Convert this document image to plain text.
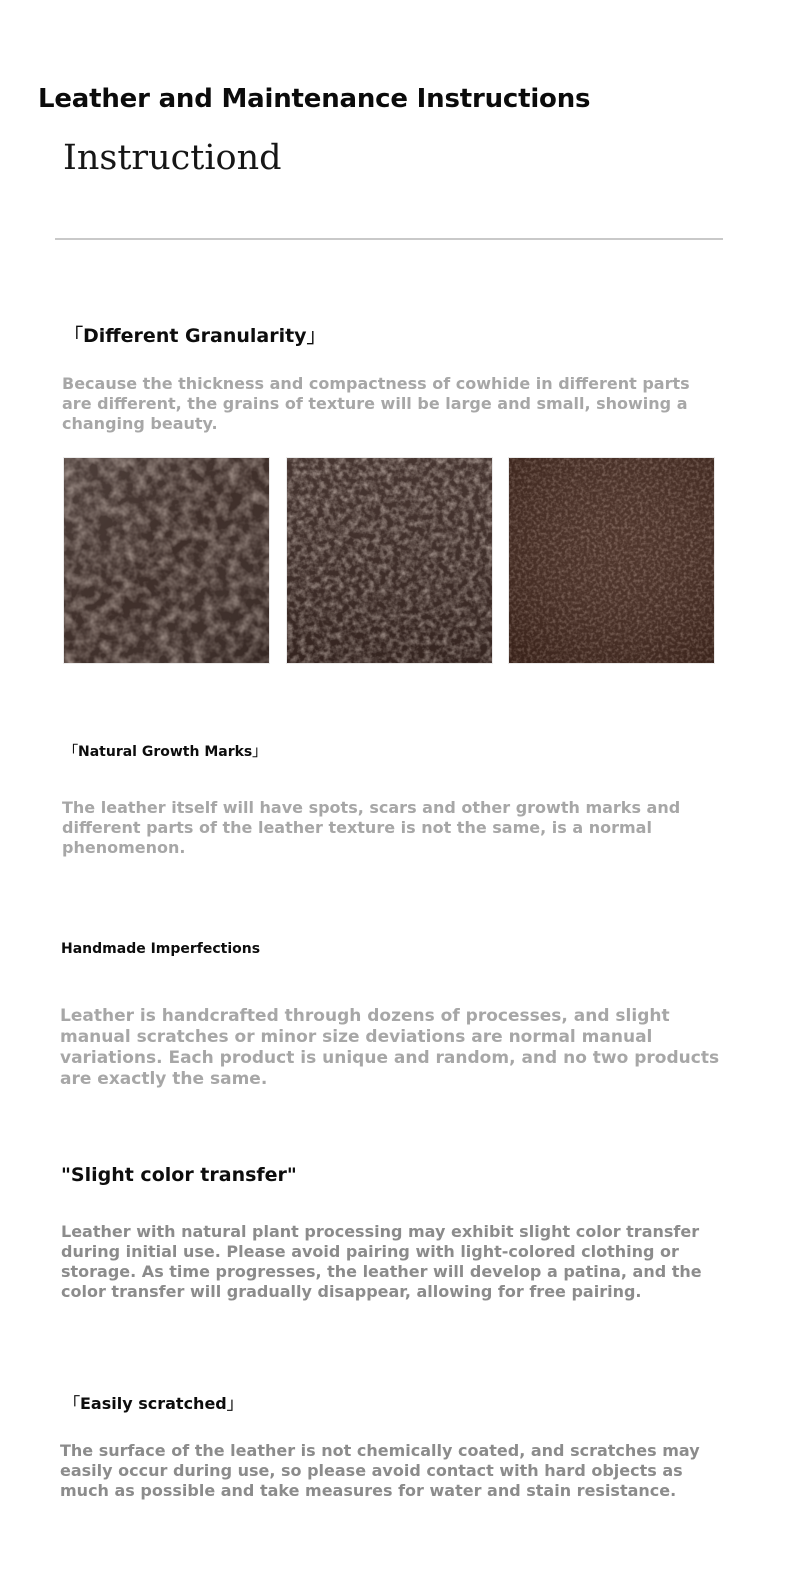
Leather and Maintenance Instructions
Instructiond
「Different Granularity」

Because the thickness and compactness of cowhide in different parts are different, the grains of texture will be large and small, showing a changing beauty.

「Natural Growth Marks」

The leather itself will have spots, scars and other growth marks and different parts of the leather texture is not the same, is a normal phenomenon.

Handmade Imperfections

Leather is handcrafted through dozens of processes, and slight manual scratches or minor size deviations are normal manual variations. Each product is unique and random, and no two products are exactly the same.

"Slight color transfer"

Leather with natural plant processing may exhibit slight color transfer during initial use. Please avoid pairing with light-colored clothing or storage. As time progresses, the leather will develop a patina, and the color transfer will gradually disappear, allowing for free pairing.

「Easily scratched」

The surface of the leather is not chemically coated, and scratches may easily occur during use, so please avoid contact with hard objects as much as possible and take measures for water and stain resistance.
